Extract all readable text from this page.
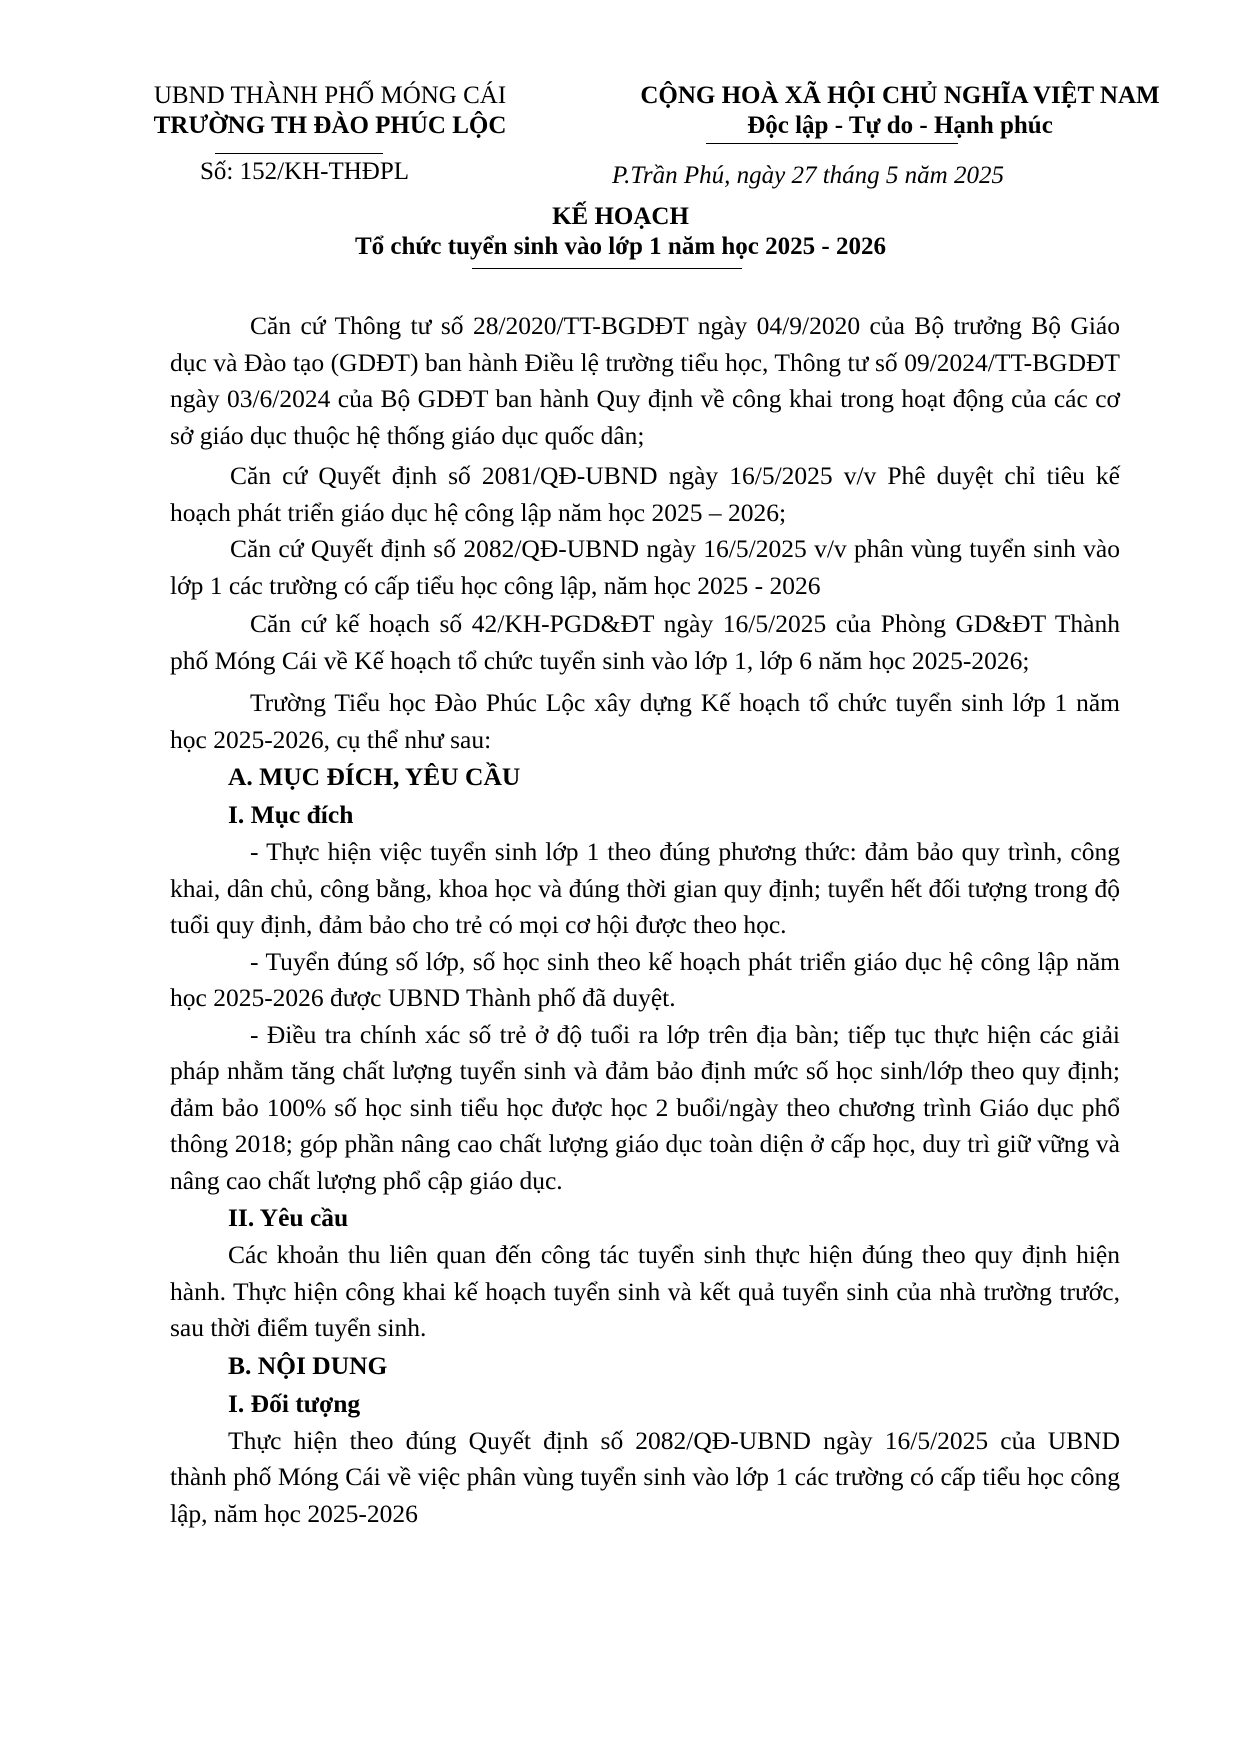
UBND THÀNH PHỐ MÓNG CÁI
TRƯỜNG TH ĐÀO PHÚC LỘC
Số: 152/KH-THĐPL
CỘNG HOÀ XÃ HỘI CHỦ NGHĨA VIỆT NAM
Độc lập - Tự do - Hạnh phúc
P.Trần Phú, ngày 27 tháng 5 năm 2025
KẾ HOẠCH
Tổ chức tuyển sinh vào lớp 1 năm học 2025 - 2026

Căn cứ Thông tư số 28/2020/TT-BGDĐT ngày 04/9/2020 của Bộ trưởng Bộ Giáo dục và Đào tạo (GDĐT) ban hành Điều lệ trường tiểu học, Thông tư số 09/2024/TT-BGDĐT ngày 03/6/2024 của Bộ GDĐT ban hành Quy định về công khai trong hoạt động của các cơ sở giáo dục thuộc hệ thống giáo dục quốc dân;

Căn cứ Quyết định số 2081/QĐ-UBND ngày 16/5/2025 v/v Phê duyệt chỉ tiêu kế hoạch phát triển giáo dục hệ công lập năm học 2025 – 2026;

Căn cứ Quyết định số 2082/QĐ-UBND ngày 16/5/2025 v/v phân vùng tuyển sinh vào lớp 1 các trường có cấp tiểu học công lập, năm học 2025 - 2026

Căn cứ kế hoạch số 42/KH-PGD&ĐT ngày 16/5/2025 của Phòng GD&ĐT Thành phố Móng Cái về Kế hoạch tổ chức tuyển sinh vào lớp 1, lớp 6 năm học 2025-2026;

Trường Tiểu học Đào Phúc Lộc xây dựng Kế hoạch tổ chức tuyển sinh lớp 1 năm học 2025-2026, cụ thể như sau:

A. MỤC ĐÍCH, YÊU CẦU

I. Mục đích

- Thực hiện việc tuyển sinh lớp 1 theo đúng phương thức: đảm bảo quy trình, công khai, dân chủ, công bằng, khoa học và đúng thời gian quy định; tuyển hết đối tượng trong độ tuổi quy định, đảm bảo cho trẻ có mọi cơ hội được theo học.

- Tuyển đúng số lớp, số học sinh theo kế hoạch phát triển giáo dục hệ công lập năm học 2025-2026 được UBND Thành phố đã duyệt.

- Điều tra chính xác số trẻ ở độ tuổi ra lớp trên địa bàn; tiếp tục thực hiện các giải pháp nhằm tăng chất lượng tuyển sinh và đảm bảo định mức số học sinh/lớp theo quy định; đảm bảo 100% số học sinh tiểu học được học 2 buổi/ngày theo chương trình Giáo dục phổ thông 2018; góp phần nâng cao chất lượng giáo dục toàn diện ở cấp học, duy trì giữ vững và nâng cao chất lượng phổ cập giáo dục.

II. Yêu cầu

Các khoản thu liên quan đến công tác tuyển sinh thực hiện đúng theo quy định hiện hành. Thực hiện công khai kế hoạch tuyển sinh và kết quả tuyển sinh của nhà trường trước, sau thời điểm tuyển sinh.

B. NỘI DUNG

I. Đối tượng

Thực hiện theo đúng Quyết định số 2082/QĐ-UBND ngày 16/5/2025 của UBND thành phố Móng Cái về việc phân vùng tuyển sinh vào lớp 1 các trường có cấp tiểu học công lập, năm học 2025-2026
